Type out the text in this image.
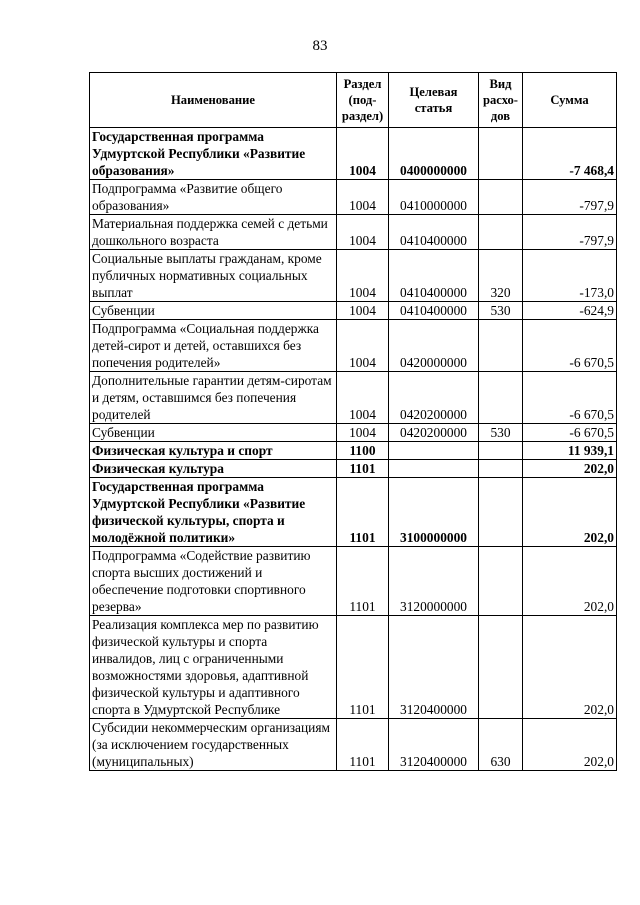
83
Наименование	Раздел (под- раздел)	Целевая статья	Вид расхо- дов	Сумма
Государственная программа Удмуртской Республики «Развитие образования»	1004	0400000000		-7 468,4
Подпрограмма «Развитие общего образования»	1004	0410000000		-797,9
Материальная поддержка семей с детьми дошкольного возраста	1004	0410400000		-797,9
Социальные выплаты гражданам, кроме публичных нормативных социальных выплат	1004	0410400000	320	-173,0
Субвенции	1004	0410400000	530	-624,9
Подпрограмма «Социальная поддержка детей-сирот и детей, оставшихся без попечения родителей»	1004	0420000000		-6 670,5
Дополнительные гарантии детям-сиротам и детям, оставшимся без попечения родителей	1004	0420200000		-6 670,5
Субвенции	1004	0420200000	530	-6 670,5
Физическая культура и спорт	1100			11 939,1
Физическая культура	1101			202,0
Государственная программа Удмуртской Республики «Развитие физической культуры, спорта и молодёжной политики»	1101	3100000000		202,0
Подпрограмма «Содействие развитию спорта высших достижений и обеспечение подготовки спортивного резерва»	1101	3120000000		202,0
Реализация комплекса мер по развитию физической культуры и спорта инвалидов, лиц с ограниченными возможностями здоровья, адаптивной физической культуры и адаптивного спорта в Удмуртской Республике	1101	3120400000		202,0
Субсидии некоммерческим организациям (за исключением государственных (муниципальных)	1101	3120400000	630	202,0
